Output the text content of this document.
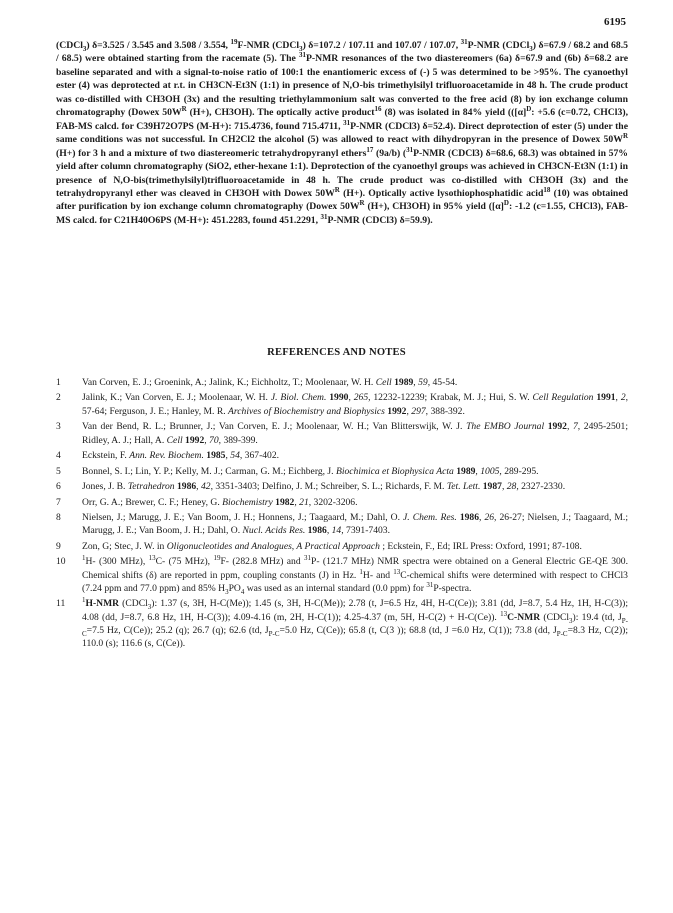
6195

(CDCl$_3$) δ=3.525 / 3.545 and 3.508 / 3.554, $^{19}$F-NMR (CDCl$_3$) δ=107.2 / 107.11 and 107.07 / 107.07, $^{31}$P-NMR (CDCl$_3$) δ=67.9 / 68.2 and 68.5 / 68.5) were obtained starting from the racemate (5). The $^{31}$P-NMR resonances of the two diastereomers (6a) δ=67.9 and (6b) δ=68.2 are baseline separated and with a signal-to-noise ratio of 100:1 the enantiomeric excess of (-) 5 was determined to be >95%. The cyanoethyl ester (4) was deprotected at r.t. in CH3CN-Et3N (1:1) in presence of N,O-bis trimethylsilyl trifluoroacetamide in 48 h. The crude product was co-distilled with CH3OH (3x) and the resulting triethylammonium salt was converted to the free acid (8) by ion exchange column chromatography (Dowex $50W^R$ (H+), CH3OH). The optically active product$^{16}$ (8) was isolated in 84% yield (($[\alpha]^D$: +5.6 (c=0.72, CHCl3), FAB-MS calcd. for C39H72O7PS (M-H+): 715.4736, found 715.4711, $^{31}$P-NMR (CDCl3) δ=52.4). Direct deprotection of ester (5) under the same conditions was not successful. In CH2Cl2 the alcohol (5) was allowed to react with dihydropyran in the presence of Dowex $50W^R$ (H+) for 3 h and a mixture of two diastereomeric tetrahydropyranyl ethers$^{17}$ (9a/b) ($^{31}$P-NMR (CDCl3) δ=68.6, 68.3) was obtained in 57% yield after column chromatography (SiO2, ether-hexane 1:1). Deprotection of the cyanoethyl groups was achieved in CH3CN-Et3N (1:1) in presence of N,O-bis(trimethylsilyl)trifluoroacetamide in 48 h. The crude product was co-distilled with CH3OH (3x) and the tetrahydropyranyl ether was cleaved in CH3OH with Dowex $50W^R$ (H+). Optically active lysothiophosphatidic acid$^{18}$ (10) was obtained after purification by ion exchange column chromatography (Dowex $50W^R$ (H+), CH3OH) in 95% yield ($[\alpha]^D$: -1.2 (c=1.55, CHCl3), FAB-MS calcd. for C21H40O6PS (M-H+): 451.2283, found 451.2291, $^{31}$P-NMR (CDCl3) δ=59.9).

REFERENCES AND NOTES
1	Van Corven, E. J.; Groenink, A.; Jalink, K.; Eichholtz, T.; Moolenaar, W. H. Cell 1989, 59, 45-54.
2	Jalink, K.; Van Corven, E. J.; Moolenaar, W. H. J. Biol. Chem. 1990, 265, 12232-12239; Krabak, M. J.; Hui, S. W. Cell Regulation 1991, 2, 57-64; Ferguson, J. E.; Hanley, M. R. Archives of Biochemistry and Biophysics 1992, 297, 388-392.
3	Van der Bend, R. L.; Brunner, J.; Van Corven, E. J.; Moolenaar, W. H.; Van Blitterswijk, W. J. The EMBO Journal 1992, 7, 2495-2501; Ridley, A. J.; Hall, A. Cell 1992, 70, 389-399.
4	Eckstein, F. Ann. Rev. Biochem. 1985, 54, 367-402.
5	Bonnel, S. I.; Lin, Y. P.; Kelly, M. J.; Carman, G. M.; Eichberg, J. Biochimica et Biophysica Acta 1989, 1005, 289-295.
6	Jones, J. B. Tetrahedron 1986, 42, 3351-3403; Delfino, J. M.; Schreiber, S. L.; Richards, F. M. Tet. Lett. 1987, 28, 2327-2330.
7	Orr, G. A.; Brewer, C. F.; Heney, G. Biochemistry 1982, 21, 3202-3206.
8	Nielsen, J.; Marugg, J. E.; Van Boom, J. H.; Honnens, J.; Taagaard, M.; Dahl, O. J. Chem. Res. 1986, 26, 26-27; Nielsen, J.; Taagaard, M.; Marugg, J. E.; Van Boom, J. H.; Dahl, O. Nucl. Acids Res. 1986, 14, 7391-7403.
9	Zon, G; Stec, J. W. in Oligonucleotides and Analogues, A Practical Approach ; Eckstein, F., Ed; IRL Press: Oxford, 1991; 87-108.
10	$^1$H- (300 MHz), $^{13}$C- (75 MHz), $^{19}$F- (282.8 MHz) and $^{31}$P- (121.7 MHz) NMR spectra were obtained on a General Electric GE-QE 300. Chemical shifts (δ) are reported in ppm, coupling constants (J) in Hz. $^1$H- and $^{13}$C-chemical shifts were determined with respect to CHCl3 (7.24 ppm and 77.0 ppm) and 85% $H_3PO_4$ was used as an internal standard (0.0 ppm) for $^{31}$P-spectra.
11	$^1$H-NMR (CDCl$_3$): 1.37 (s, 3H, H-C(Me)); 1.45 (s, 3H, H-C(Me)); 2.78 (t, J=6.5 Hz, 4H, H-C(Ce)); 3.81 (dd, J=8.7, 5.4 Hz, 1H, H-C(3)); 4.08 (dd, J=8.7, 6.8 Hz, 1H, H-C(3)); 4.09-4.16 (m, 2H, H-C(1)); 4.25-4.37 (m, 5H, H-C(2) + H-C(Ce)). $^{13}$C-NMR (CDCl$_3$): 19.4 (td, $J_{P-C}=7.5$ Hz, C(Ce)); 25.2 (q); 26.7 (q); 62.6 (td, $J_{P-C}=5.0$ Hz, C(Ce)); 65.8 (t, C(3 )); 68.8 (td, J =6.0 Hz, C(1)); 73.8 (dd, $J_{P-C}=8.3$ Hz, C(2)); 110.0 (s); 116.6 (s, C(Ce)).
